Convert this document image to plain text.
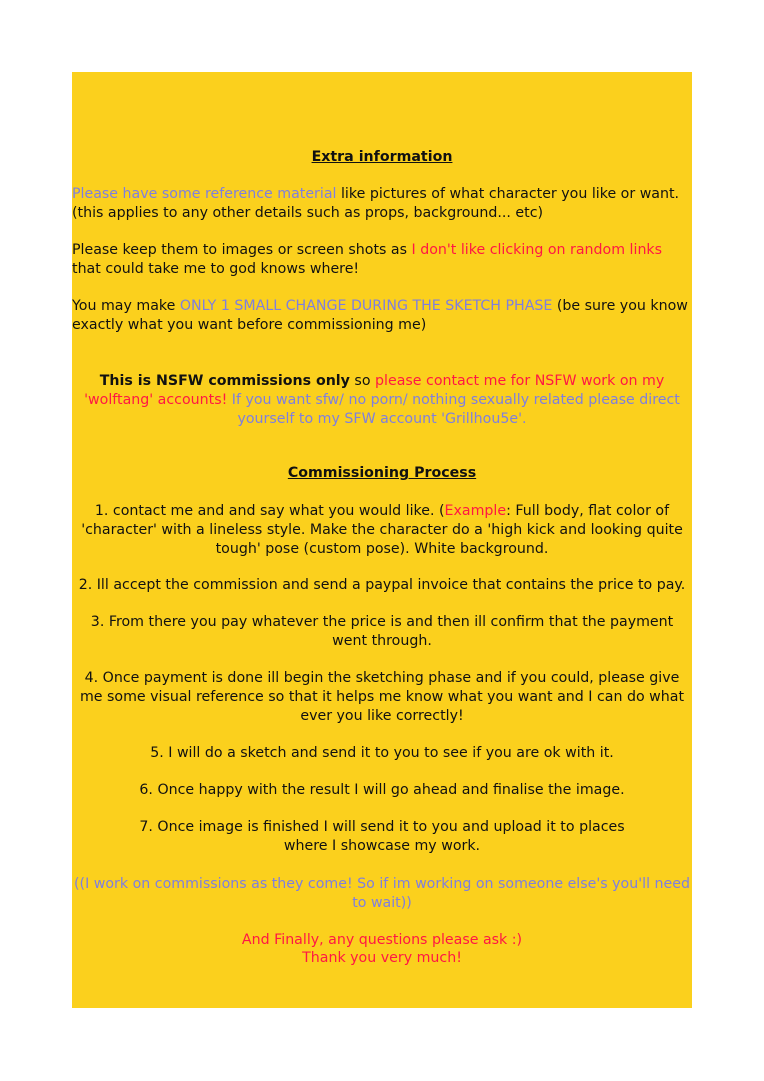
Extra information

Please have some reference material like pictures of what character you like or want. (this applies to any other details such as props, background... etc)

Please keep them to images or screen shots as I don't like clicking on random links that could take me to god knows where!

You may make ONLY 1 SMALL CHANGE DURING THE SKETCH PHASE (be sure you know exactly what you want before commissioning me)

This is NSFW commissions only so please contact me for NSFW work on my 'wolftang' accounts! If you want sfw/ no porn/ nothing sexually related please direct yourself to my SFW account 'Grillhou5e'.

Commissioning Process

1. contact me and and say what you would like. (Example: Full body, flat color of 'character' with a lineless style. Make the character do a 'high kick and looking quite tough' pose (custom pose). White background.

2. Ill accept the commission and send a paypal invoice that contains the price to pay.

3. From there you pay whatever the price is and then ill confirm that the payment went through.

4. Once payment is done ill begin the sketching phase and if you could, please give me some visual reference so that it helps me know what you want and I can do what ever you like correctly!

5. I will do a sketch and send it to you to see if you are ok with it.

6. Once happy with the result I will go ahead and finalise the image.

7. Once image is finished I will send it to you and upload it to places where I showcase my work.

((I work on commissions as they come! So if im working on someone else's you'll need to wait))

And Finally, any questions please ask :)

Thank you very much!
